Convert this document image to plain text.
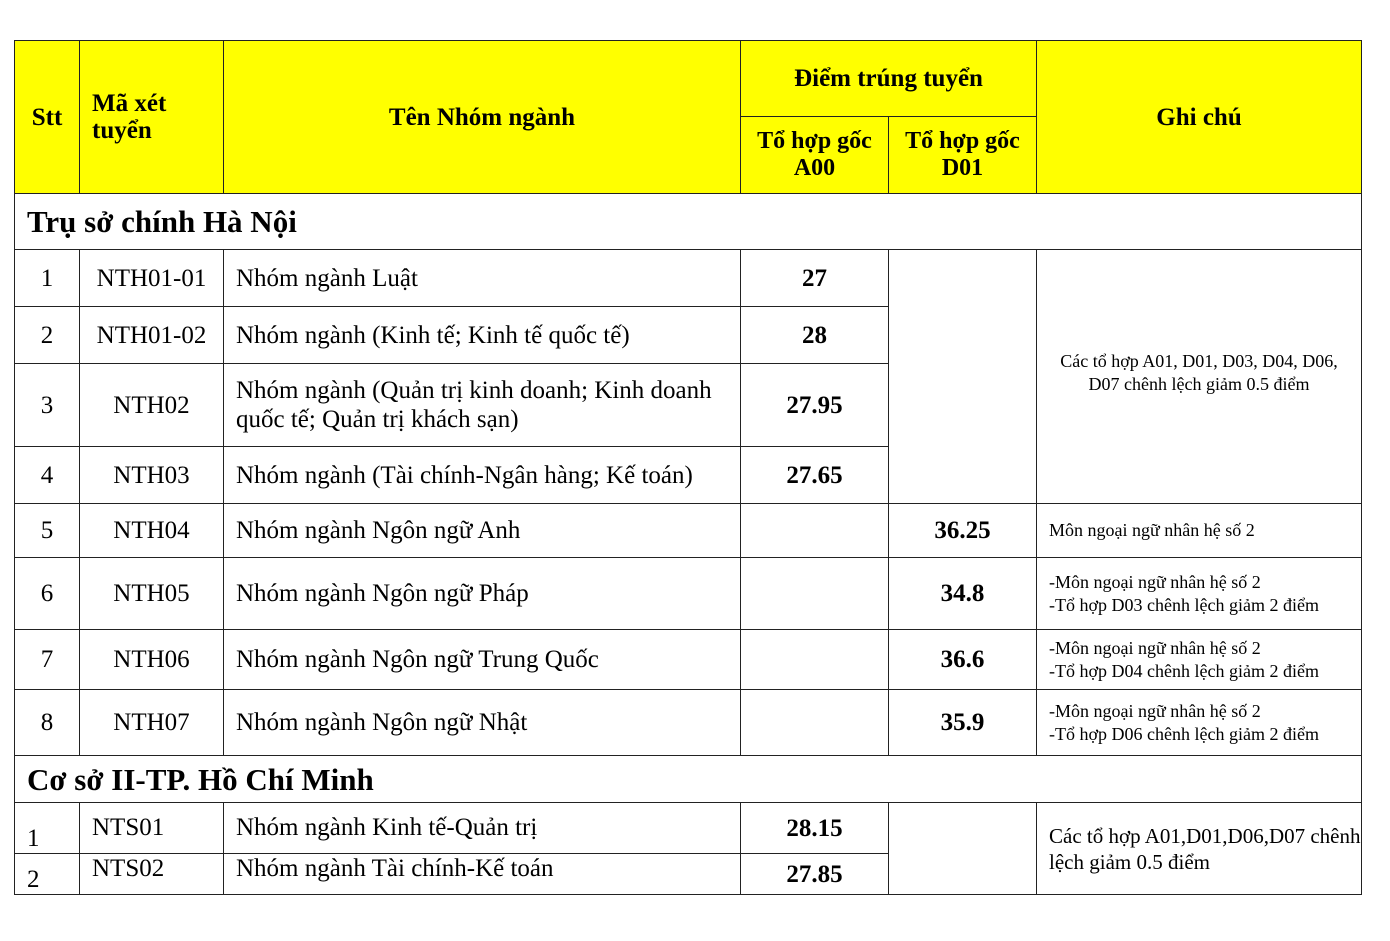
Stt	Mã xét tuyển	Tên Nhóm ngành	Điểm trúng tuyển		Ghi chú
			Tổ hợp gốc A00	Tổ hợp gốc D01	
Trụ sở chính Hà Nội					
1	NTH01-01	Nhóm ngành Luật	27		Các tổ hợp A01, D01, D03, D04, D06, D07 chênh lệch giảm 0.5 điểm
2	NTH01-02	Nhóm ngành (Kinh tế; Kinh tế quốc tế)	28		
3	NTH02	Nhóm ngành (Quản trị kinh doanh; Kinh doanh quốc tế; Quản trị khách sạn)	27.95		
4	NTH03	Nhóm ngành (Tài chính-Ngân hàng; Kế toán)	27.65		
5	NTH04	Nhóm ngành Ngôn ngữ Anh		36.25	Môn ngoại ngữ nhân hệ số 2
6	NTH05	Nhóm ngành Ngôn ngữ Pháp		34.8	-Môn ngoại ngữ nhân hệ số 2
-Tổ hợp D03 chênh lệch giảm 2 điểm

7	NTH06	Nhóm ngành Ngôn ngữ Trung Quốc		36.6	-Môn ngoại ngữ nhân hệ số 2
-Tổ hợp D04 chênh lệch giảm 2 điểm

8	NTH07	Nhóm ngành Ngôn ngữ Nhật		35.9	-Môn ngoại ngữ nhân hệ số 2
-Tổ hợp D06 chênh lệch giảm 2 điểm

Cơ sở II-TP. Hồ Chí Minh					
1	NTS01	Nhóm ngành Kinh tế-Quản trị	28.15		Các tổ hợp A01,D01,D06,D07 chênh lệch giảm 0.5 điểm
2	NTS02	Nhóm ngành Tài chính-Kế toán	27.85		
